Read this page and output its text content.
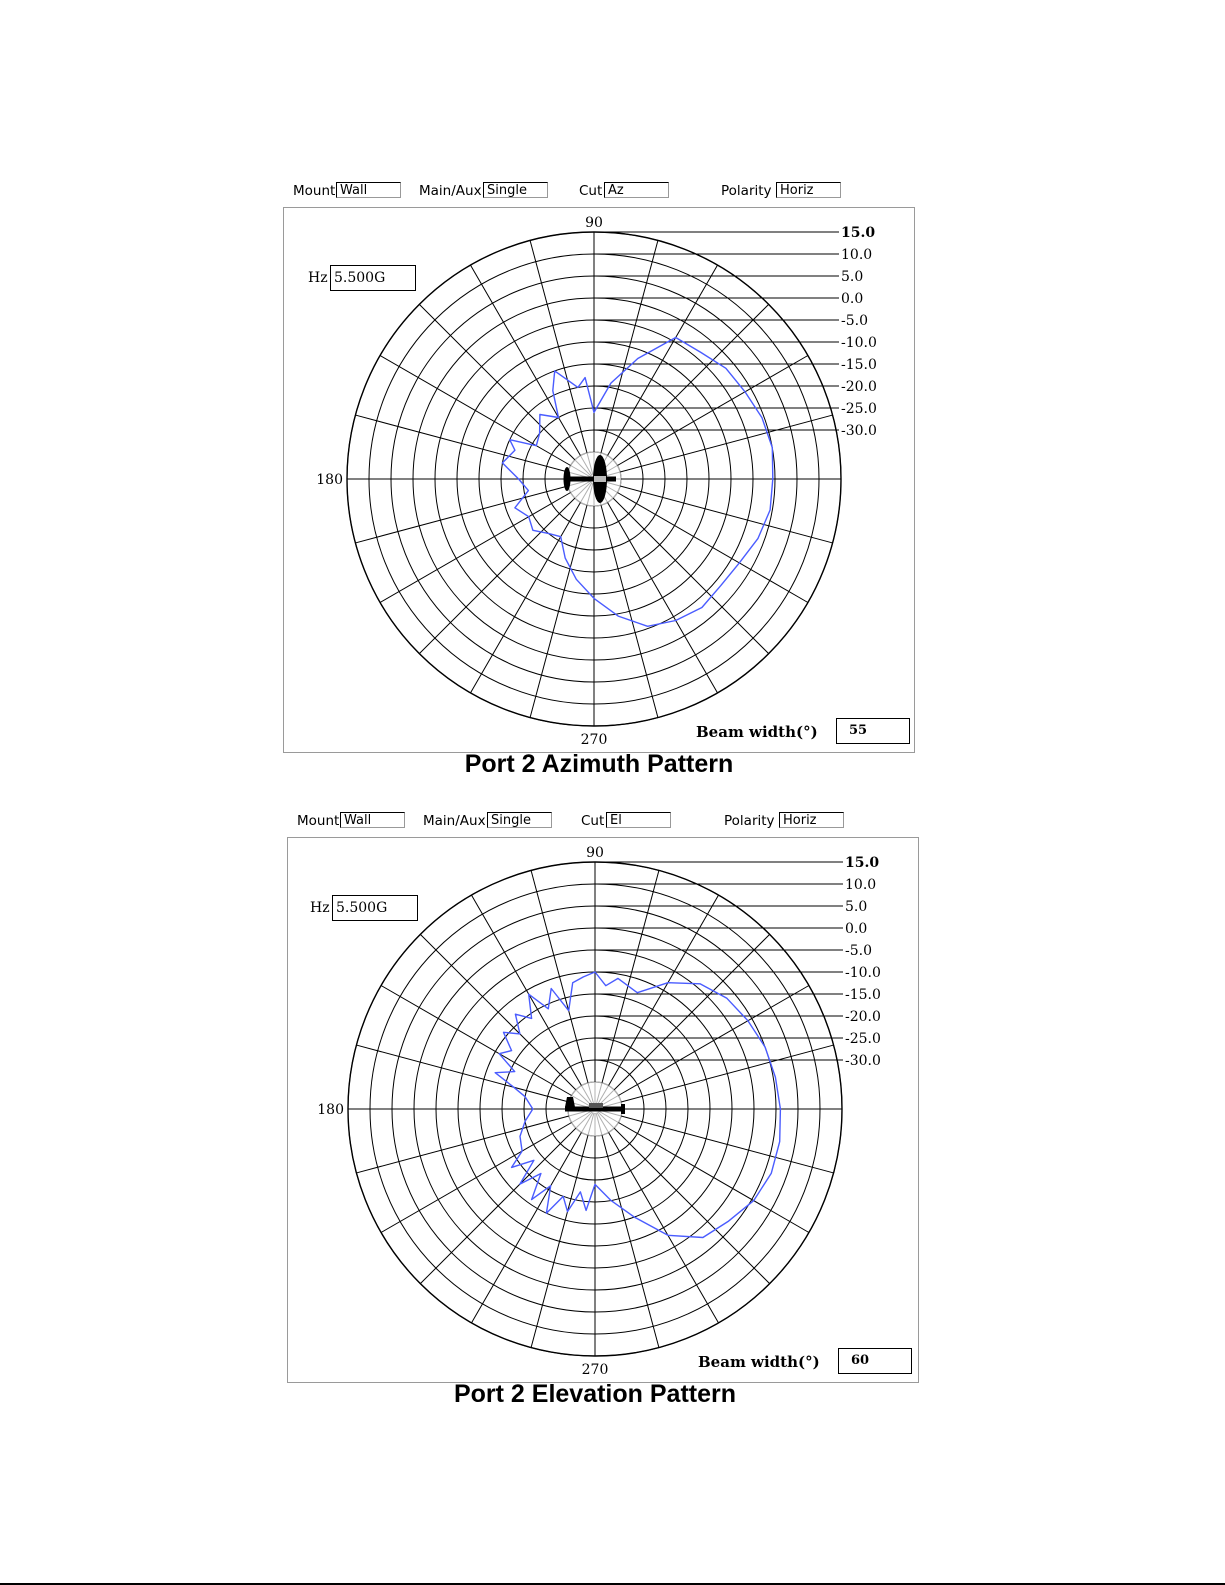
Mount Wall	Main/Aux Single	Cut Az	Polarity Horiz
15.0
10.0
5.0
0.0
-5.0
-10.0
-15.0
-20.0
-25.0
-30.0
90
180
270
Hz 5.500G
Beam width(°)	55
Port 2 Azimuth Pattern
Mount Wall	Main/Aux Single	Cut El	Polarity Horiz
15.0
10.0
5.0
0.0
-5.0
-10.0
-15.0
-20.0
-25.0
-30.0
90
180
270
Hz 5.500G
Beam width(°)	60
Port 2 Elevation Pattern
